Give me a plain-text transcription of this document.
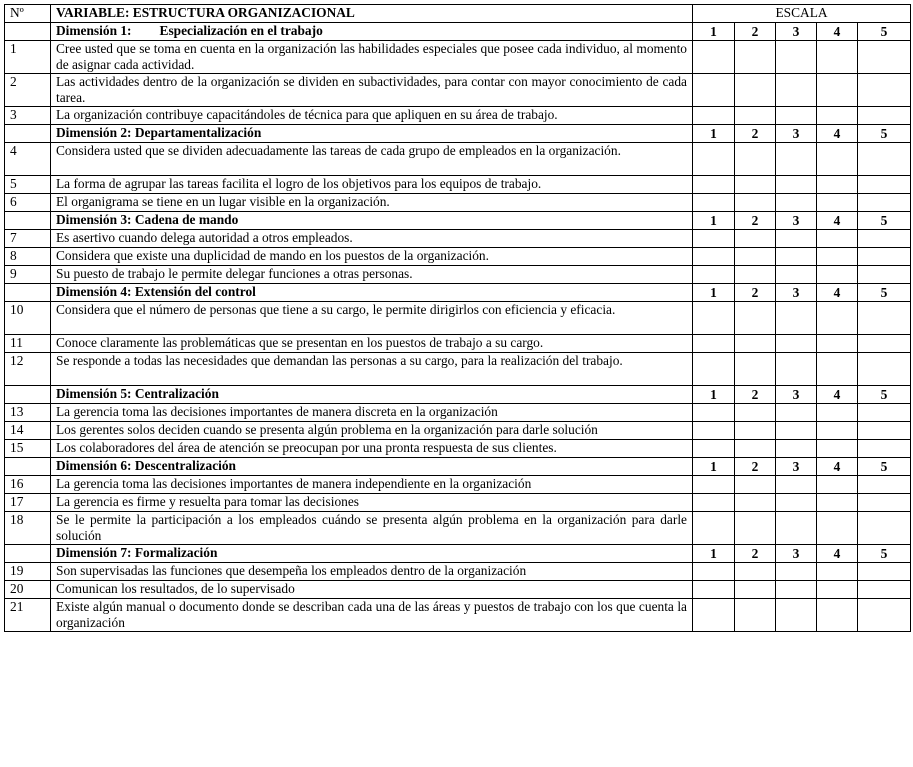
Nº	VARIABLE: ESTRUCTURA ORGANIZACIONAL	ESCALA				
	Dimensión 1: Especialización en el trabajo	1	2	3	4	5
1	Cree usted que se toma en cuenta en la organización las habilidades especiales que posee cada individuo, al momento de asignar cada actividad.					
2	Las actividades dentro de la organización se dividen en subactividades, para contar con mayor conocimiento de cada tarea.					
3	La organización contribuye capacitándoles de técnica para que apliquen en su área de trabajo.					
	Dimensión 2: Departamentalización	1	2	3	4	5
4	Considera usted que se dividen adecuadamente las tareas de cada grupo de empleados en la organización.					
5	La forma de agrupar las tareas facilita el logro de los objetivos para los equipos de trabajo.					
6	El organigrama se tiene en un lugar visible en la organización.					
	Dimensión 3: Cadena de mando	1	2	3	4	5
7	Es asertivo cuando delega autoridad a otros empleados.					
8	Considera que existe una duplicidad de mando en los puestos de la organización.					
9	Su puesto de trabajo le permite delegar funciones a otras personas.					
	Dimensión 4: Extensión del control	1	2	3	4	5
10	Considera que el número de personas que tiene a su cargo, le permite dirigirlos con eficiencia y eficacia.					
11	Conoce claramente las problemáticas que se presentan en los puestos de trabajo a su cargo.					
12	Se responde a todas las necesidades que demandan las personas a su cargo, para la realización del trabajo.					
	Dimensión 5: Centralización	1	2	3	4	5
13	La gerencia toma las decisiones importantes de manera discreta en la organización					
14	Los gerentes solos deciden cuando se presenta algún problema en la organización para darle solución					
15	Los colaboradores del área de atención se preocupan por una pronta respuesta de sus clientes.					
	Dimensión 6: Descentralización	1	2	3	4	5
16	La gerencia toma las decisiones importantes de manera independiente en la organización					
17	La gerencia es firme y resuelta para tomar las decisiones					
18	Se le permite la participación a los empleados cuándo se presenta algún problema en la organización para darle solución					
	Dimensión 7: Formalización	1	2	3	4	5
19	Son supervisadas las funciones que desempeña los empleados dentro de la organización					
20	Comunican los resultados, de lo supervisado					
21	Existe algún manual o documento donde se describan cada una de las áreas y puestos de trabajo con los que cuenta la organización					
